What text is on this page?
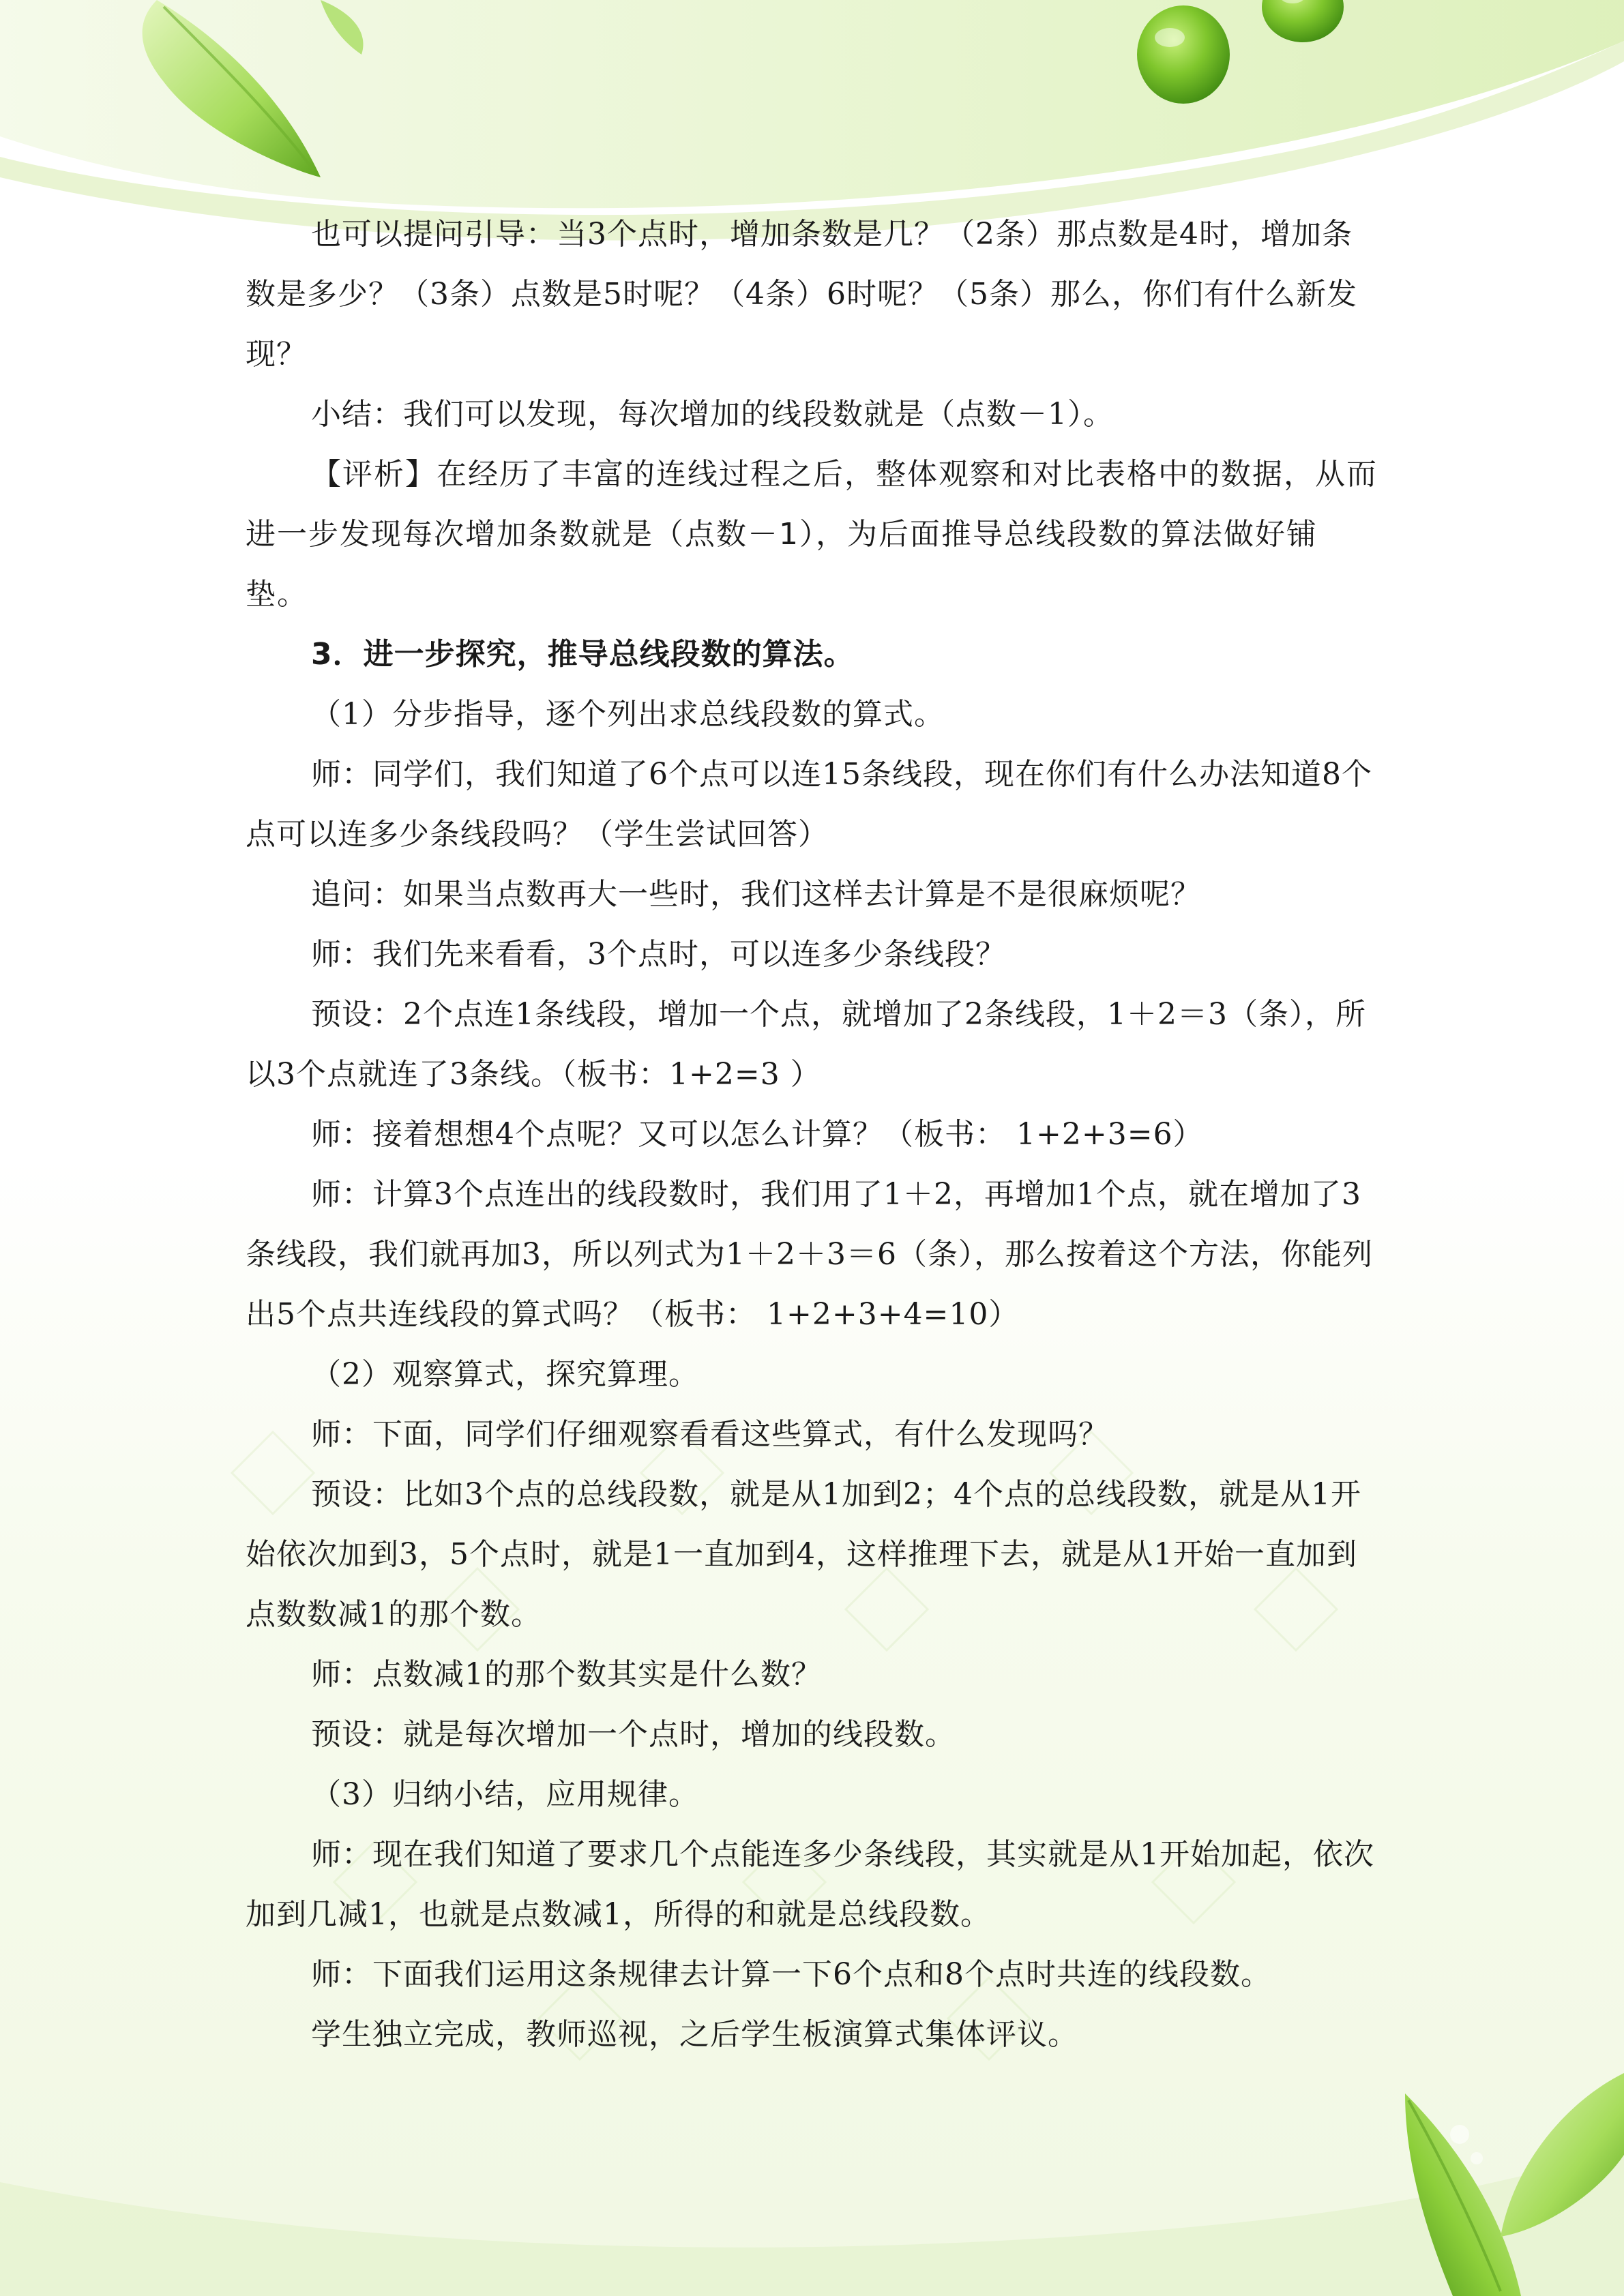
也可以提问引导：当3个点时，增加条数是几？（2条）那点数是4时，增加条数是多少？（3条）点数是5时呢？（4条）6时呢？（5条）那么，你们有什么新发现？

小结：我们可以发现，每次增加的线段数就是（点数－1）。

【评析】在经历了丰富的连线过程之后，整体观察和对比表格中的数据，从而进一步发现每次增加条数就是（点数－1），为后面推导总线段数的算法做好铺垫。

3．进一步探究，推导总线段数的算法。

（1）分步指导，逐个列出求总线段数的算式。

师：同学们，我们知道了6个点可以连15条线段，现在你们有什么办法知道8个点可以连多少条线段吗？（学生尝试回答）

追问：如果当点数再大一些时，我们这样去计算是不是很麻烦呢？

师：我们先来看看，3个点时，可以连多少条线段？

预设：2个点连1条线段，增加一个点，就增加了2条线段，1＋2＝3（条），所以3个点就连了3条线。（板书：1+2=3 ）

师：接着想想4个点呢？又可以怎么计算？（板书： 1+2+3=6）

师：计算3个点连出的线段数时，我们用了1＋2，再增加1个点，就在增加了3条线段，我们就再加3，所以列式为1＋2＋3＝6（条），那么按着这个方法，你能列出5个点共连线段的算式吗？（板书： 1+2+3+4=10）

（2）观察算式，探究算理。

师：下面，同学们仔细观察看看这些算式，有什么发现吗？

预设：比如3个点的总线段数，就是从1加到2；4个点的总线段数，就是从1开始依次加到3，5个点时，就是1一直加到4，这样推理下去，就是从1开始一直加到点数数减1的那个数。

师：点数减1的那个数其实是什么数？

预设：就是每次增加一个点时，增加的线段数。

（3）归纳小结，应用规律。

师：现在我们知道了要求几个点能连多少条线段，其实就是从1开始加起，依次加到几减1，也就是点数减1，所得的和就是总线段数。

师：下面我们运用这条规律去计算一下6个点和8个点时共连的线段数。

学生独立完成，教师巡视，之后学生板演算式集体评议。
